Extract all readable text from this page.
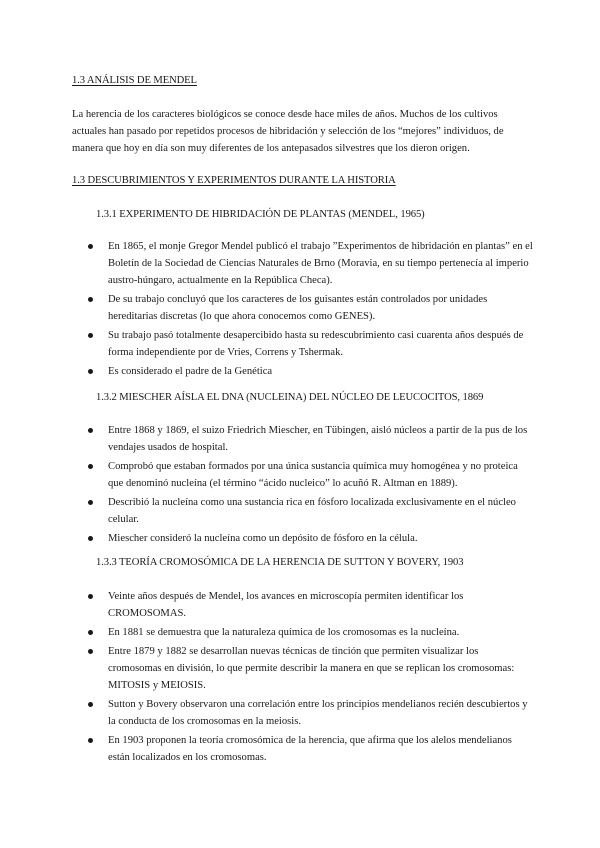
1.3 ANÁLISIS DE MENDEL
La herencia de los caracteres biológicos se conoce desde hace miles de años. Muchos de los cultivos actuales han pasado por repetidos procesos de hibridación y selección de los “mejores” individuos, de manera que hoy en día son muy diferentes de los antepasados silvestres que los dieron origen.
1.3 DESCUBRIMIENTOS Y EXPERIMENTOS DURANTE LA HISTORIA
1.3.1 EXPERIMENTO DE HIBRIDACIÓN DE PLANTAS (MENDEL, 1965)
En 1865, el monje Gregor Mendel publicó el trabajo ”Experimentos de hibridación en plantas” en el Boletín de la Sociedad de Ciencias Naturales de Brno (Moravia, en su tiempo pertenecía al imperio austro-húngaro, actualmente en la República Checa).
De su trabajo concluyó que los caracteres de los guisantes están controlados por unidades hereditarias discretas (lo que ahora conocemos como GENES).
Su trabajo pasó totalmente desapercibido hasta su redescubrimiento casi cuarenta años después de forma independiente por de Vries, Correns y Tshermak.
Es considerado el padre de la Genética
1.3.2 MIESCHER AÍSLA EL DNA (NUCLEINA) DEL NÚCLEO DE LEUCOCITOS, 1869
Entre 1868 y 1869, el suizo Friedrich Miescher, en Tübingen, aisló núcleos a partir de la pus de los vendajes usados de hospital.
Comprobó que estaban formados por una única sustancia química muy homogénea y no proteica que denominó nucleína (el término “ácido nucleico” lo acuñó R. Altman en 1889).
Describió la nucleína como una sustancia rica en fósforo localizada exclusivamente en el núcleo celular.
Miescher consideró la nucleína como un depósito de fósforo en la célula.
1.3.3 TEORÍA CROMOSÓMICA DE LA HERENCIA DE SUTTON Y BOVERY, 1903
Veinte años después de Mendel, los avances en microscopía permiten identificar los CROMOSOMAS.
En 1881 se demuestra que la naturaleza química de los cromosomas es la nucleína.
Entre 1879 y 1882 se desarrollan nuevas técnicas de tinción que permiten visualizar los cromosomas en división, lo que permite describir la manera en que se replican los cromosomas: MITOSIS y MEIOSIS.
Sutton y Bovery observaron una correlación entre los principios mendelianos recién descubiertos y la conducta de los cromosomas en la meiosis.
En 1903 proponen la teoría cromosómica de la herencia, que afirma que los alelos mendelianos están localizados en los cromosomas.
